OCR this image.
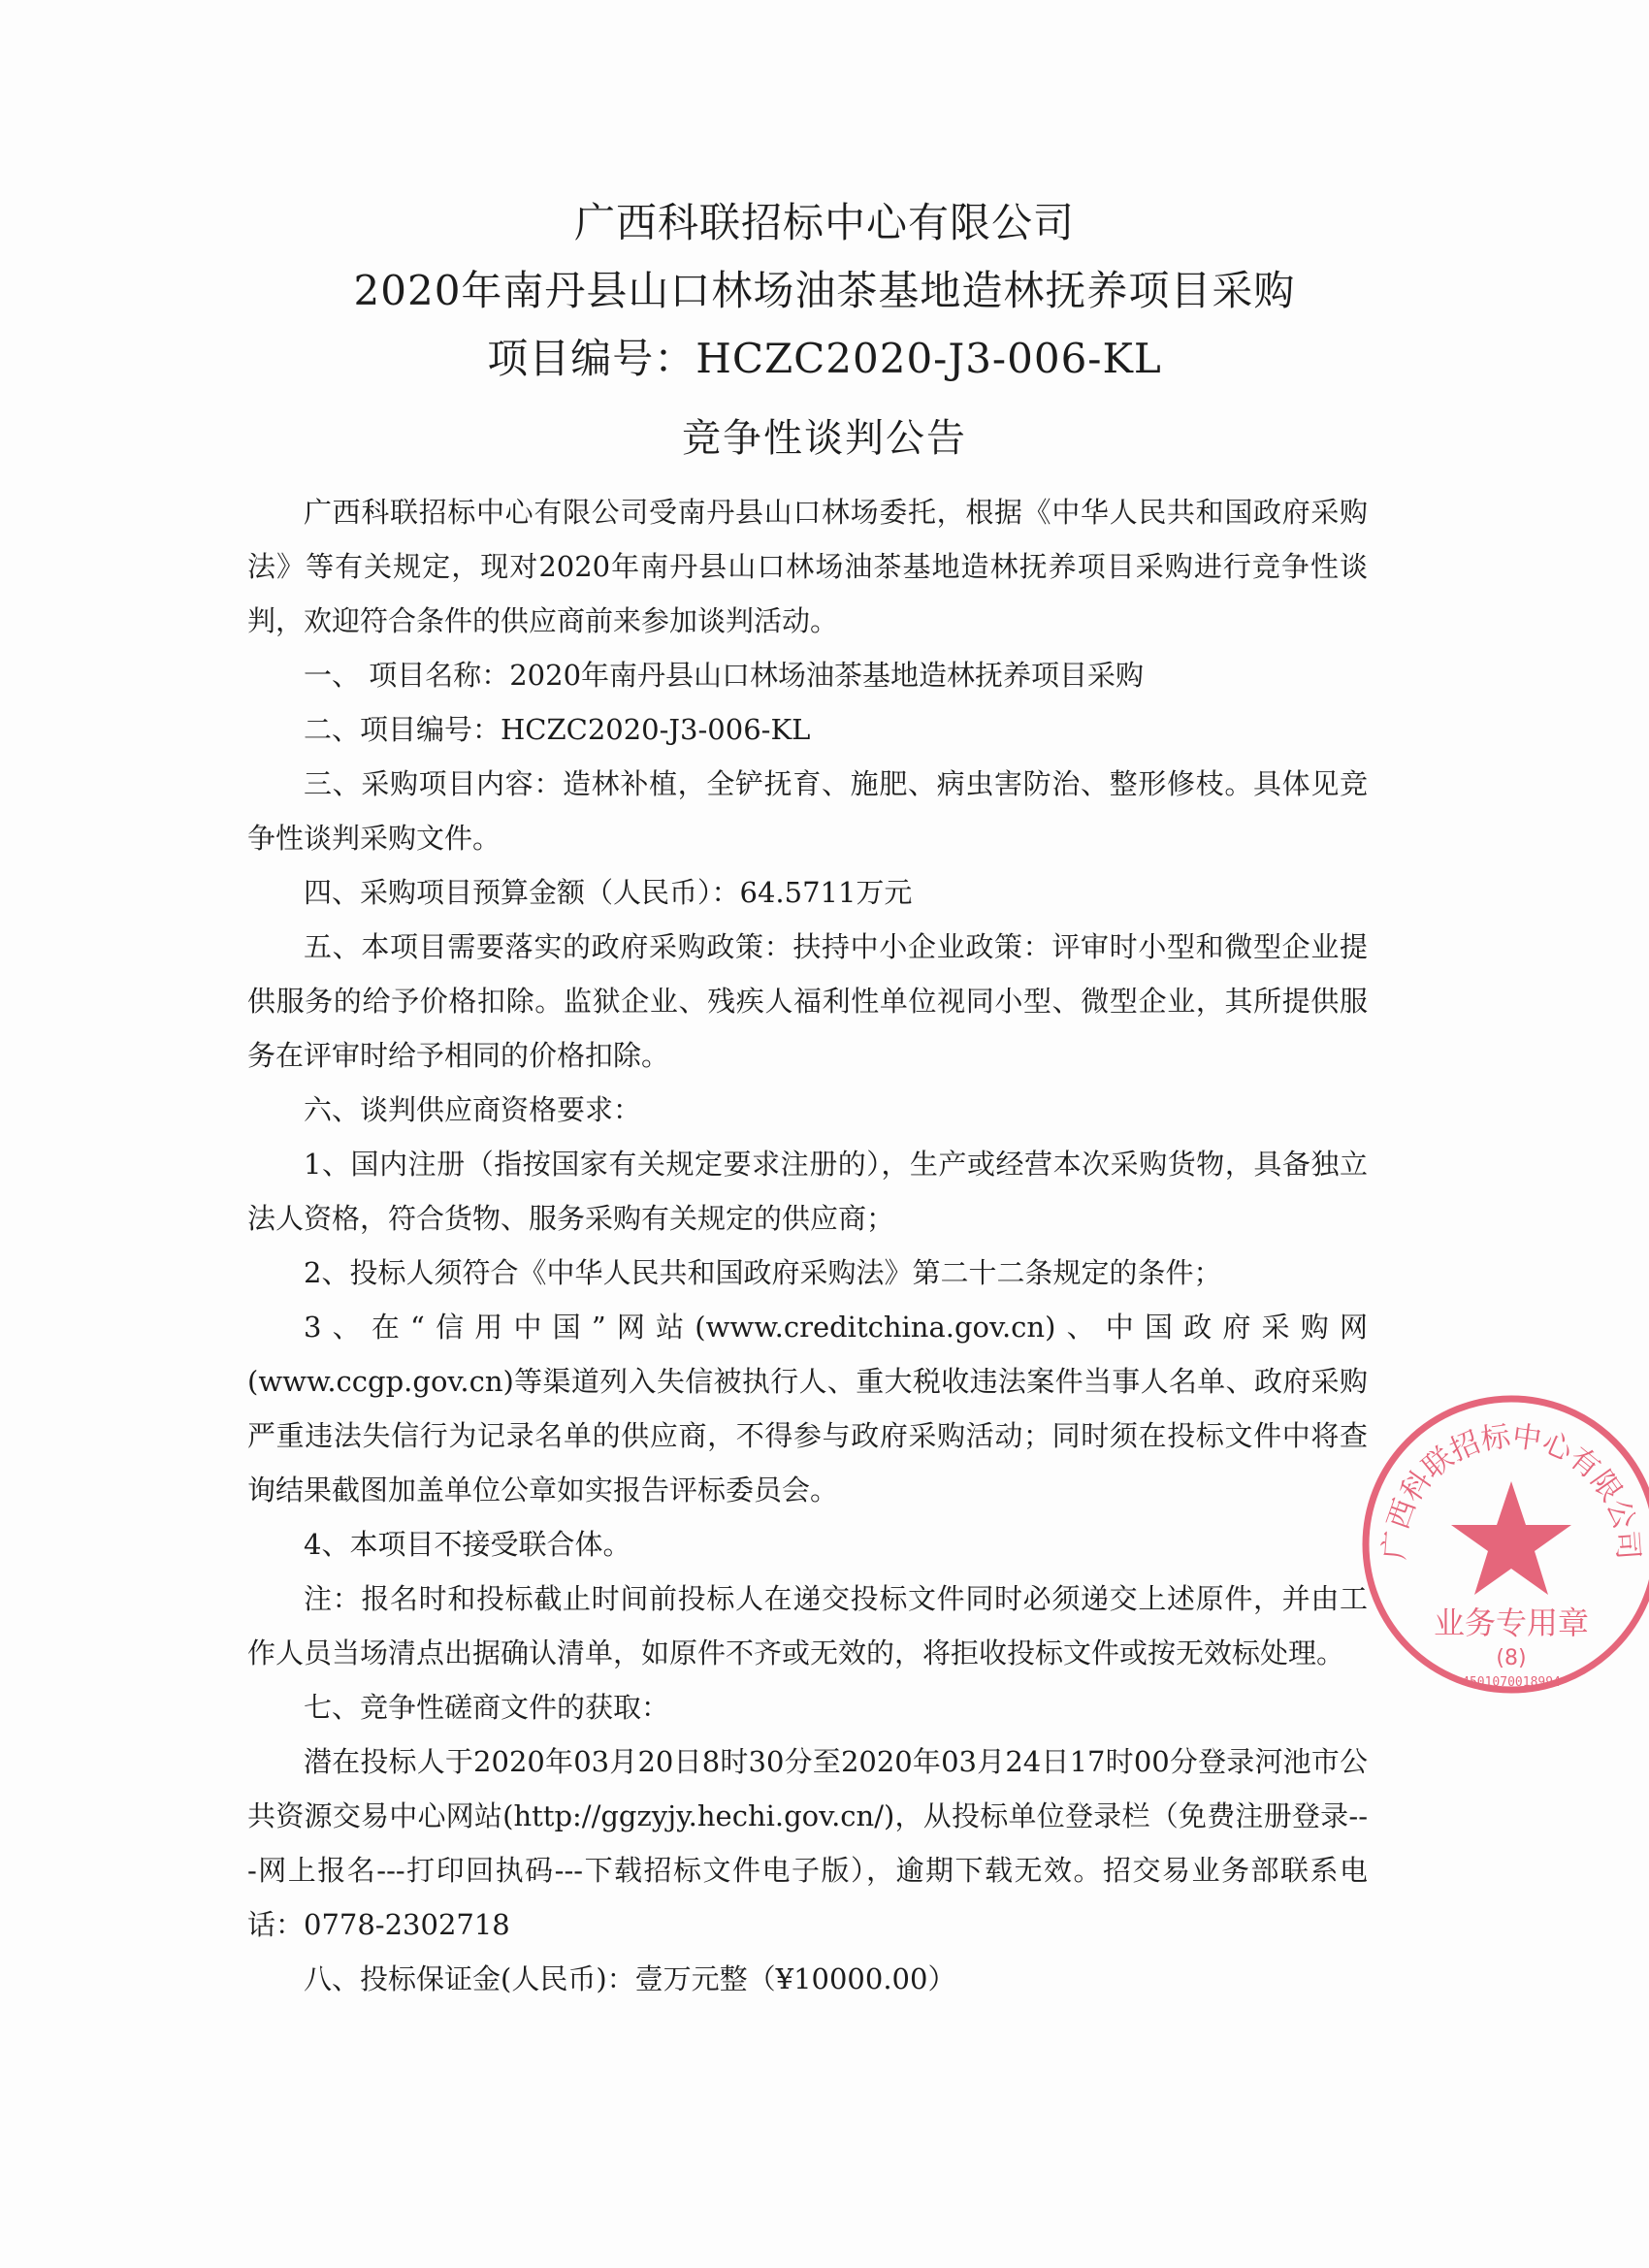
广西科联招标中心有限公司
2020年南丹县山口林场油茶基地造林抚养项目采购
项目编号：HCZC2020-J3-006-KL
竞争性谈判公告

广西科联招标中心有限公司受南丹县山口林场委托，根据《中华人民共和国政府采购法》等有关规定，现对2020年南丹县山口林场油茶基地造林抚养项目采购进行竞争性谈判，欢迎符合条件的供应商前来参加谈判活动。

一、 项目名称：2020年南丹县山口林场油茶基地造林抚养项目采购

二、项目编号：HCZC2020-J3-006-KL

三、采购项目内容：造林补植，全铲抚育、施肥、病虫害防治、整形修枝。具体见竞争性谈判采购文件。

四、采购项目预算金额（人民币）：64.5711万元

五、本项目需要落实的政府采购政策：扶持中小企业政策：评审时小型和微型企业提供服务的给予价格扣除。监狱企业、残疾人福利性单位视同小型、微型企业，其所提供服务在评审时给予相同的价格扣除。

六、谈判供应商资格要求：

1、国内注册（指按国家有关规定要求注册的），生产或经营本次采购货物，具备独立法人资格，符合货物、服务采购有关规定的供应商；

2、投标人须符合《中华人民共和国政府采购法》第二十二条规定的条件；

3、在“信用中国”网站(www.creditchina.gov.cn)、中国政府采购网(www.ccgp.gov.cn)等渠道列入失信被执行人、重大税收违法案件当事人名单、政府采购严重违法失信行为记录名单的供应商，不得参与政府采购活动；同时须在投标文件中将查询结果截图加盖单位公章如实报告评标委员会。

4、本项目不接受联合体。

注：报名时和投标截止时间前投标人在递交投标文件同时必须递交上述原件，并由工作人员当场清点出据确认清单，如原件不齐或无效的，将拒收投标文件或按无效标处理。

七、竞争性磋商文件的获取：

潜在投标人于2020年03月20日8时30分至2020年03月24日17时00分登录河池市公共资源交易中心网站(http://ggzyjy.hechi.gov.cn/)，从投标单位登录栏（免费注册登录---网上报名---打印回执码---下载招标文件电子版），逾期下载无效。招交易业务部联系电话：0778-2302718

八、投标保证金(人民币)：壹万元整（¥10000.00）

广西科联招标中心有限公司
业务专用章
(8)
4501070018994
